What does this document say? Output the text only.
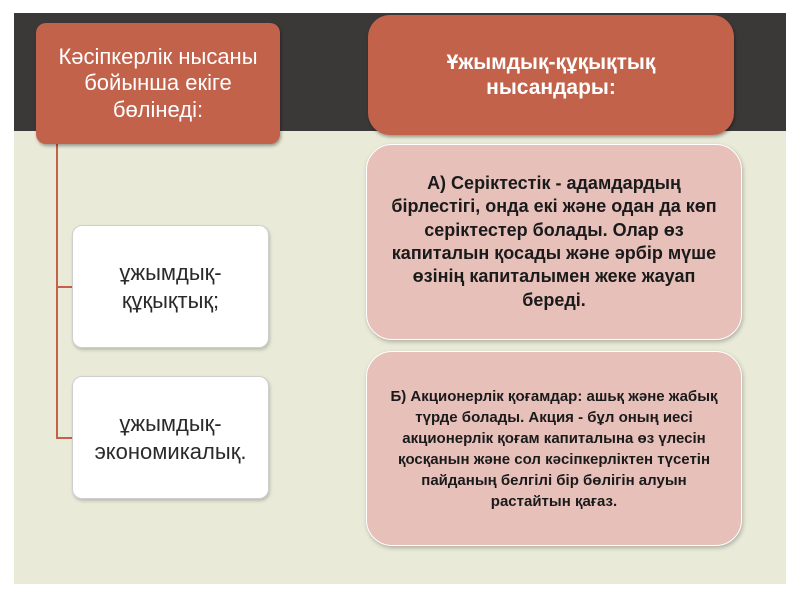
Кәсіпкерлік нысаны бойынша екіге бөлінеді:
ұжымдық-құқықтық;
ұжымдық-экономикалық.
Ұжымдық-құқықтық нысандары:
А) Серіктестік - адамдардың бірлестігі, онда екі және одан да көп серіктестер болады. Олар өз капиталын қосады және әрбір мүше өзінің капиталымен жеке жауап береді.
Б) Акционерлік қоғамдар: ашьқ және жабық түрде болады. Акция - бұл оның иесі акционерлік қоғам капиталына өз үлесін қосқанын және сол кәсіпкерліктен түсетін пайданың белгілі бір бөлігін алуын растайтын қағаз.
